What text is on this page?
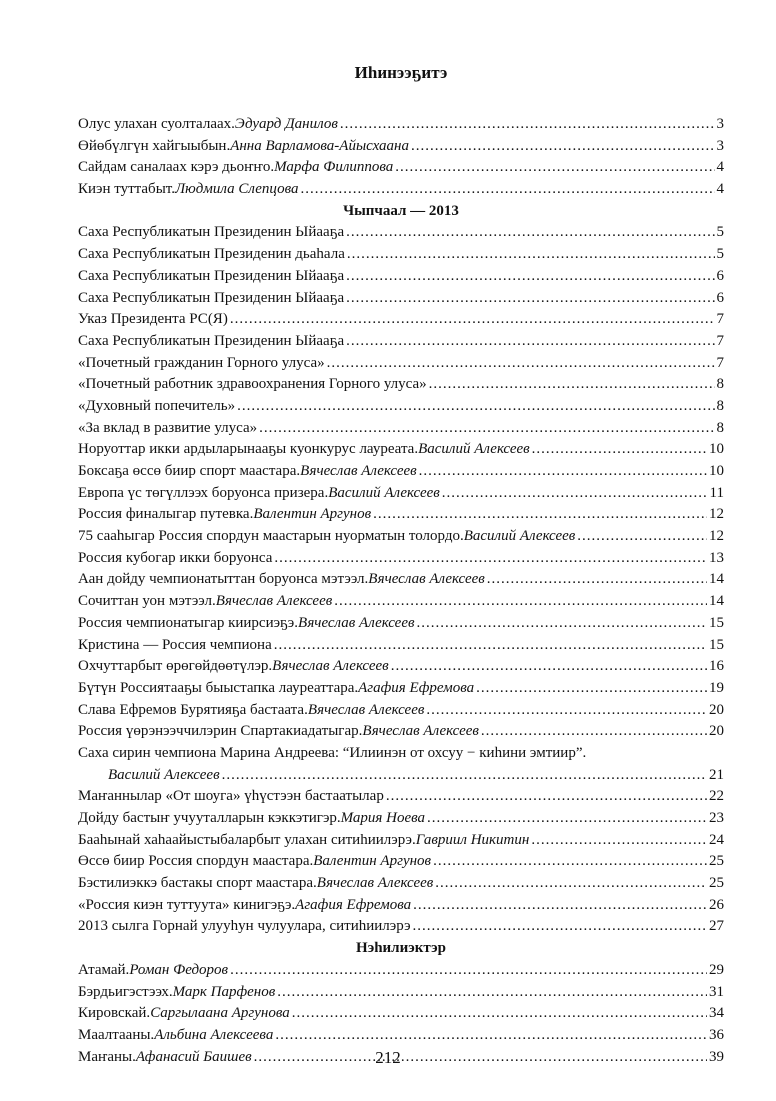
Иһинээҕитэ
Олус улахан суолталаах. Эдуард Данилов .....	3
Өйөбүлгүн хайгыыбын. Анна Варламова-Айысхаана .....	3
Сайдам саналаах кэрэ дьоҥҥо. Марфа Филиппова .....	4
Киэн туттабыт. Людмила Слепцова .....	4
Чыпчаал — 2013
Саха Республикатын Президенин Ыйааҕа .....	5
Саха Республикатын Президенин дьаhала .....	5
Саха Республикатын Президенин Ыйааҕа .....	6
Саха Республикатын Президенин Ыйааҕа .....	6
Указ Президента РС(Я) .....	7
Саха Республикатын Президенин Ыйааҕа .....	7
«Почетный гражданин Горного улуса» .....	7
«Почетный работник здравоохранения Горного улуса» .....	8
«Духовный попечитель» .....	8
«За вклад в развитие улуса» .....	8
Норуоттар икки ардыларынааҕы куонкурус лауреата. Василий Алексеев .....	10
Боксаҕа өссө биир спорт маастара. Вячеслав Алексеев .....	10
Европа үс төгүллээх боруонса призера. Василий Алексеев .....	11
Россия финалыгар путевка. Валентин Аргунов .....	12
75 сааһыгар Россия спордун маастарын нуорматын толордо. Василий Алексеев .....	12
Россия кубогар икки боруонса .....	13
Аан дойду чемпионатыттан боруонса мэтээл. Вячеслав Алексеев .....	14
Сочиттан уон мэтээл. Вячеслав Алексеев .....	14
Россия чемпионатыгар киирсиэҕэ. Вячеслав Алексеев .....	15
Кристина — Россия чемпиона .....	15
Охчуттарбыт өрөгөйдөөтүлэр. Вячеслав Алексеев .....	16
Бүтүн Россиятааҕы быыстапка лауреаттара. Агафия Ефремова .....	19
Слава Ефремов Бурятияҕа бастаата. Вячеслав Алексеев .....	20
Россия үөрэнээччилэрин Спартакиадатыгар. Вячеслав Алексеев .....	20
Саха сирин чемпиона Марина Андреева: “Илиинэн от охсуу − киһини эмтиир”.
Василий Алексеев .....	21
Маҥаннылар «От шоуга» үһүстээн бастаатылар .....	22
Дойду бастыҥ учууталларын кэккэтигэр. Мария Ноева .....	23
Бааhынай хаhаайыстыбаларбыт улахан ситиhиилэрэ. Гавриил Никитин .....	24
Өссө биир Россия спордун маастара. Валентин Аргунов .....	25
Бэстилиэккэ бастакы спорт маастара. Вячеслав Алексеев .....	25
«Россия киэн туттуута» кинигэҕэ. Агафия Ефремова .....	26
2013 сылга Горнай улууhун чулуулара, ситиhиилэрэ .....	27
Нэһилиэктэр
Атамай. Роман Федоров .....	29
Бэрдьигэстээх. Марк Парфенов .....	31
Кировскай. Саргылаана Аргунова .....	34
Маалтааны. Альбина Алексеева .....	36
Маҥаны. Афанасий Баишев .....	39
212
